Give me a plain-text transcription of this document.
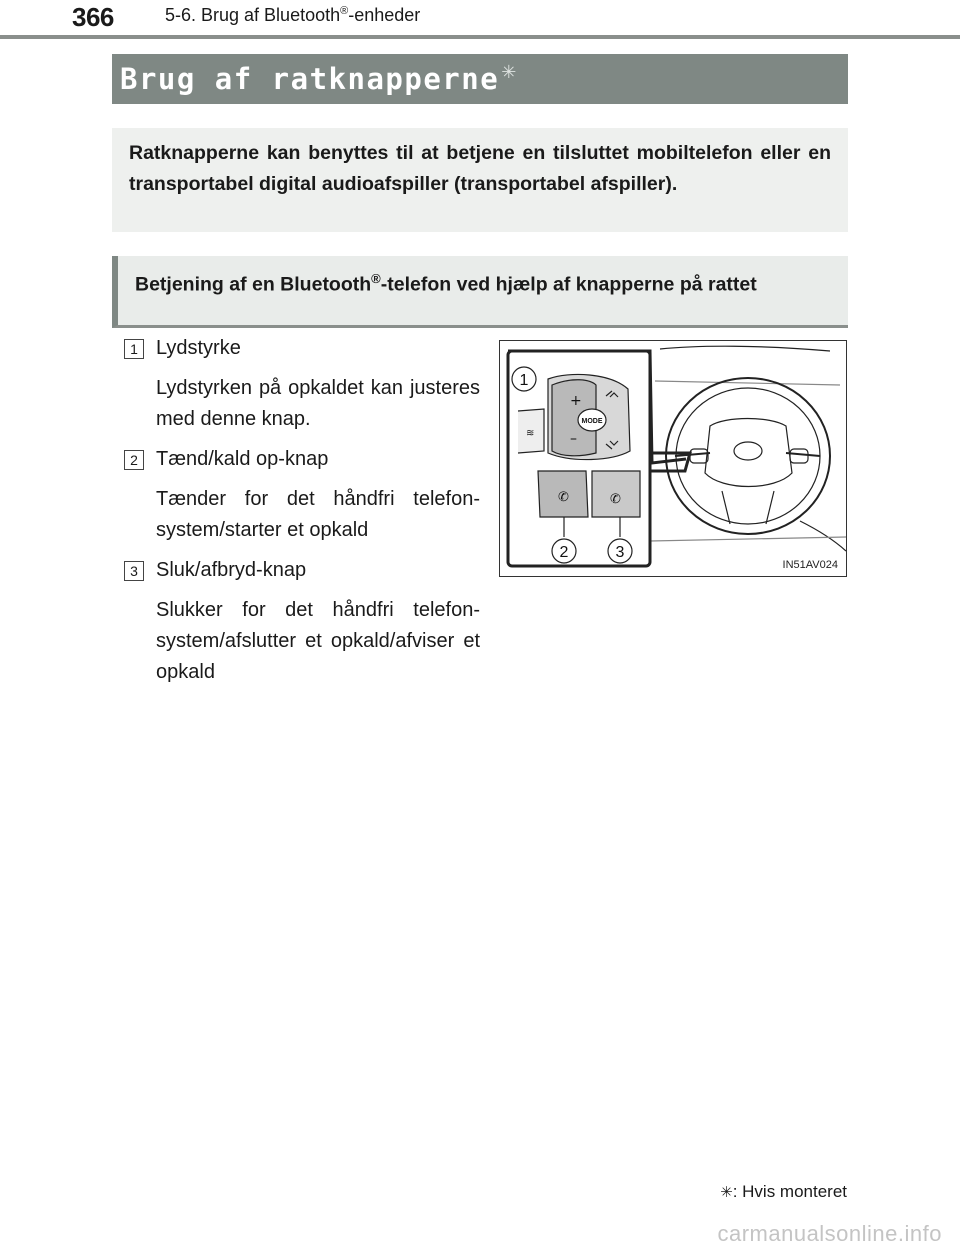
366	5-6. Brug af Bluetooth®-enheder
Brug af ratknapperne ✳
Ratknapperne kan benyttes til at betjene en tilsluttet mobiltelefon eller en transportabel digital audioafspiller (transportabel afspiller).
Betjening af en Bluetooth®-telefon ved hjælp af knapperne på rattet
1 Lydstyrke
Lydstyrken på opkaldet kan justeres med denne knap.
2 Tænd/kald op-knap
Tænder for det håndfri telefonsystem/starter et opkald
3 Sluk/afbryd-knap
Slukker for det håndfri telefonsystem/afslutter et opkald/afviser et opkald
+
–
≋
✆	✆
1
2	3
MODE
IN51AV024
✳: Hvis monteret
carmanualsonline.info
